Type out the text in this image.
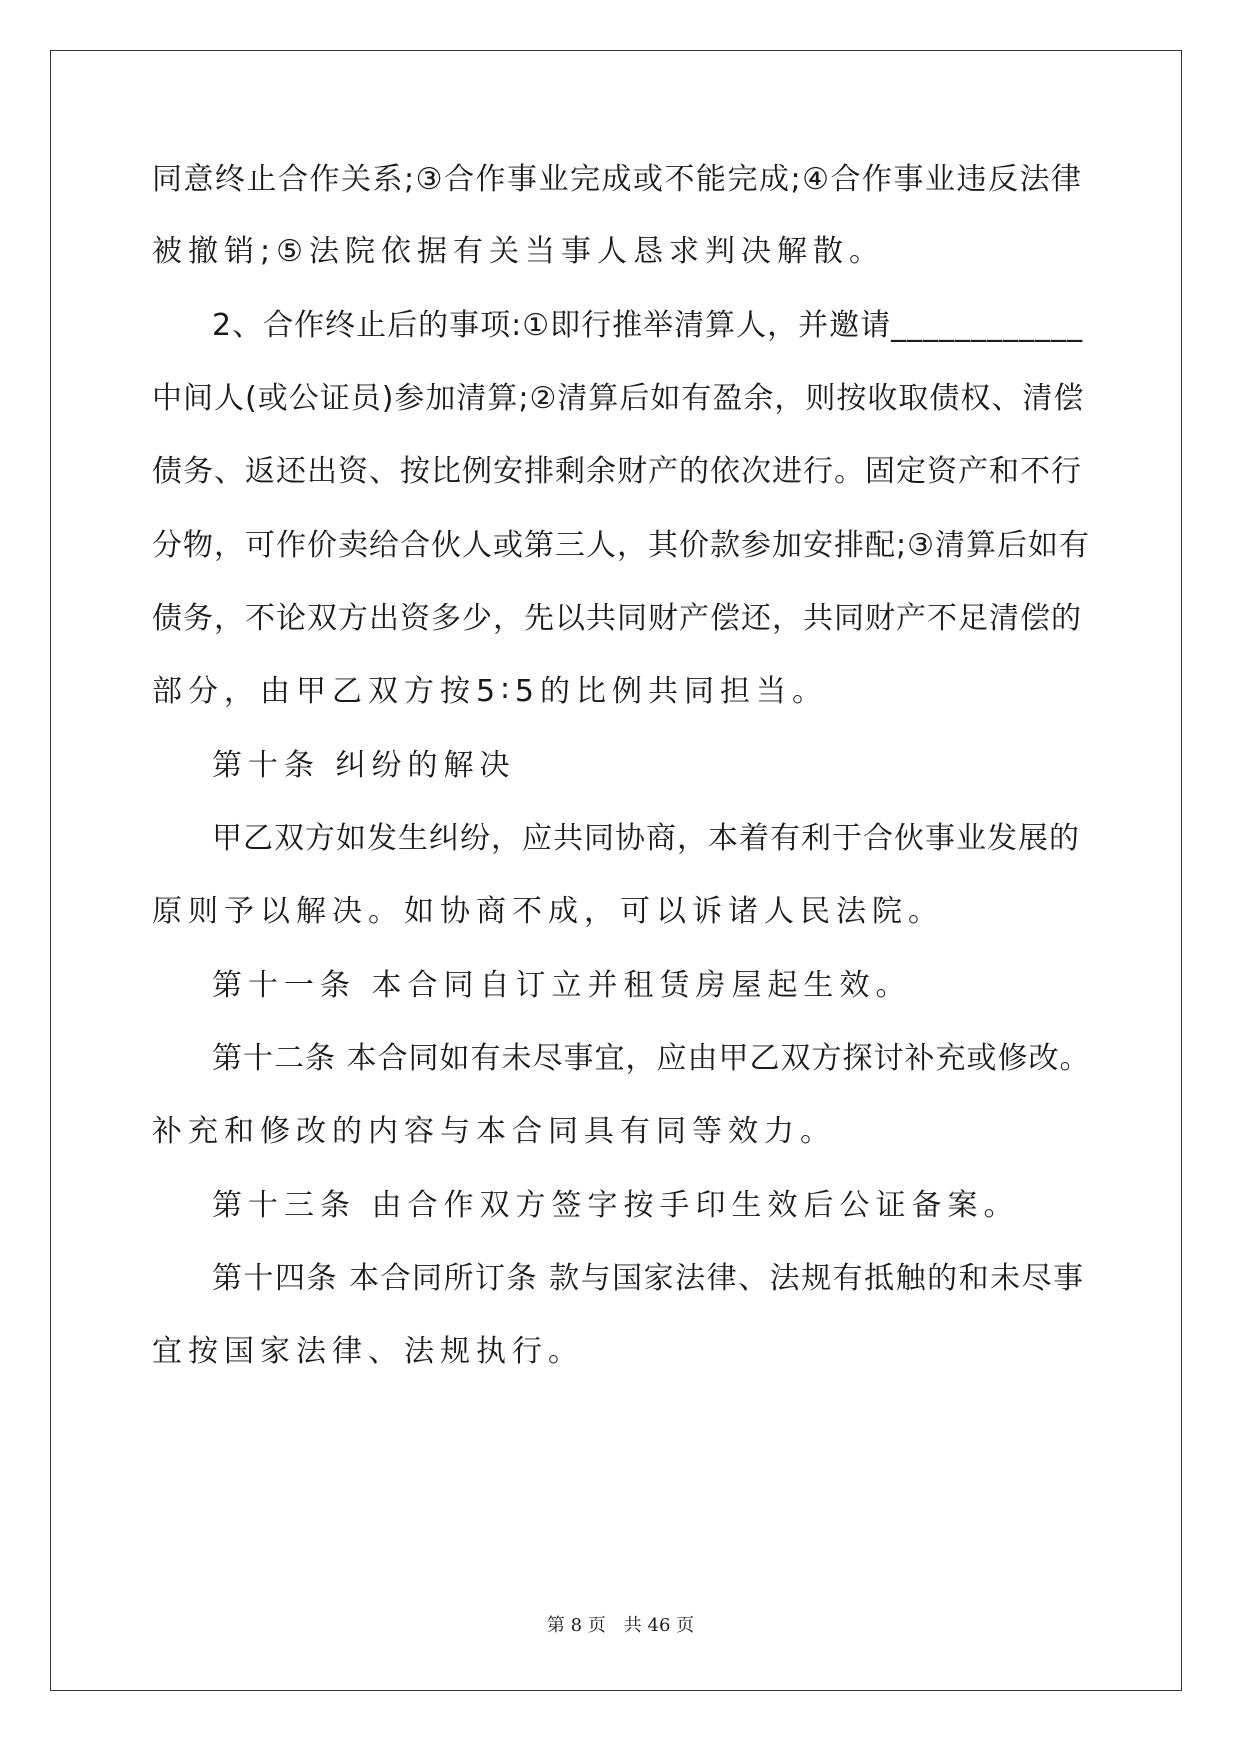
同意终止合作关系;③合作事业完成或不能完成;④合作事业违反法律
被撤销;⑤法院依据有关当事人恳求判决解散。
2、合作终止后的事项:①即行推举清算人，并邀请____________
中间人(或公证员)参加清算;②清算后如有盈余，则按收取债权、清偿
债务、返还出资、按比例安排剩余财产的依次进行。固定资产和不行
分物，可作价卖给合伙人或第三人，其价款参加安排配;③清算后如有
债务，不论双方出资多少，先以共同财产偿还，共同财产不足清偿的
部分，由甲乙双方按5∶5的比例共同担当。
第十条 纠纷的解决
甲乙双方如发生纠纷，应共同协商，本着有利于合伙事业发展的
原则予以解决。如协商不成，可以诉诸人民法院。
第十一条 本合同自订立并租赁房屋起生效。
第十二条 本合同如有未尽事宜，应由甲乙双方探讨补充或修改。
补充和修改的内容与本合同具有同等效力。
第十三条 由合作双方签字按手印生效后公证备案。
第十四条 本合同所订条 款与国家法律、法规有抵触的和未尽事
宜按国家法律、法规执行。
第 8 页　共 46 页
